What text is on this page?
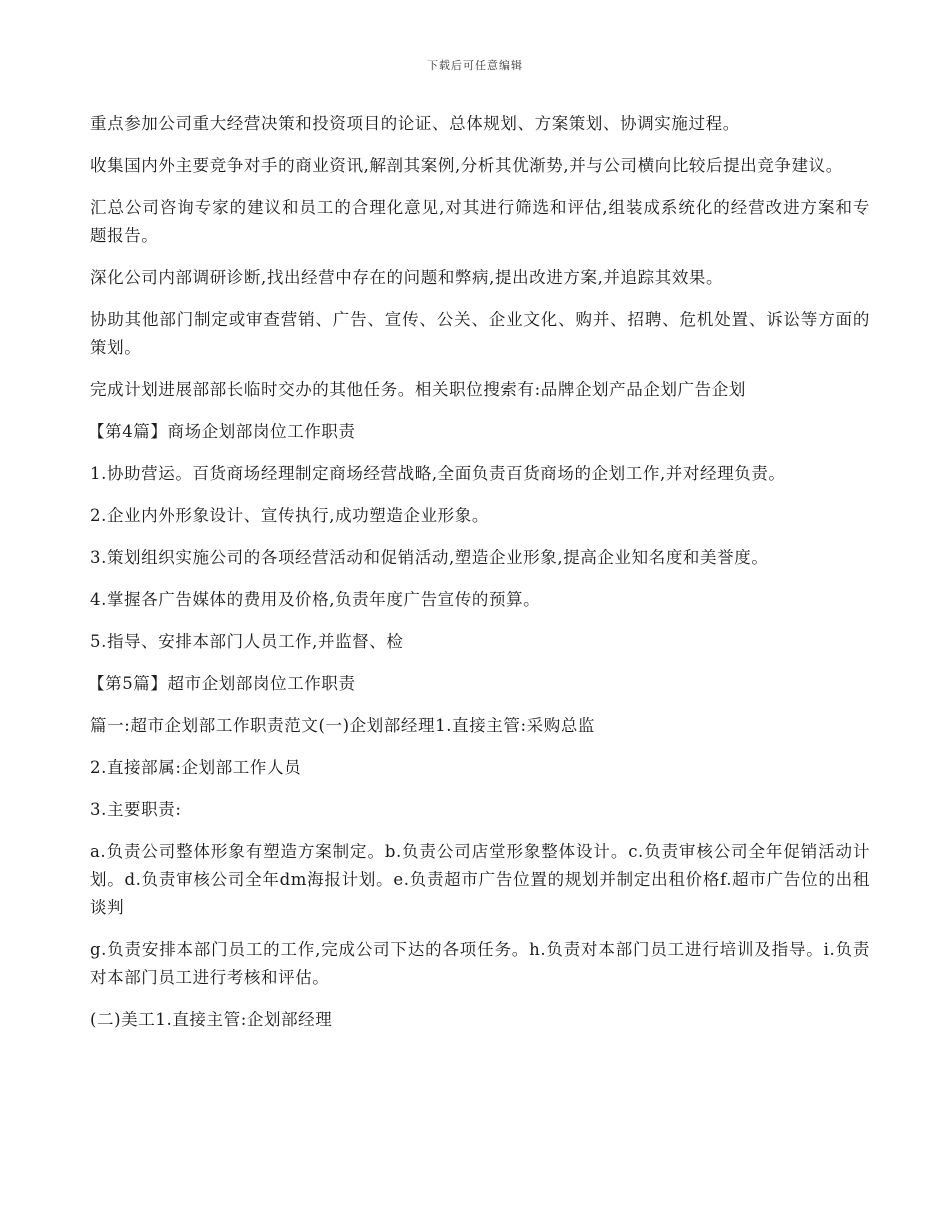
下载后可任意编辑

重点参加公司重大经营决策和投资项目的论证、总体规划、方案策划、协调实施过程。

收集国内外主要竞争对手的商业资讯,解剖其案例,分析其优渐势,并与公司横向比较后提出竞争建议。

汇总公司咨询专家的建议和员工的合理化意见,对其进行筛选和评估,组装成系统化的经营改进方案和专题报告。

深化公司内部调研诊断,找出经营中存在的问题和弊病,提出改进方案,并追踪其效果。

协助其他部门制定或审查营销、广告、宣传、公关、企业文化、购并、招聘、危机处置、诉讼等方面的策划。

完成计划进展部部长临时交办的其他任务。相关职位搜索有:品牌企划产品企划广告企划

【第4篇】商场企划部岗位工作职责

1.协助营运。百货商场经理制定商场经营战略,全面负责百货商场的企划工作,并对经理负责。

2.企业内外形象设计、宣传执行,成功塑造企业形象。

3.策划组织实施公司的各项经营活动和促销活动,塑造企业形象,提高企业知名度和美誉度。

4.掌握各广告媒体的费用及价格,负责年度广告宣传的预算。

5.指导、安排本部门人员工作,并监督、检

【第5篇】超市企划部岗位工作职责

篇一:超市企划部工作职责范文(一)企划部经理1.直接主管:采购总监

2.直接部属:企划部工作人员

3.主要职责:

a.负责公司整体形象有塑造方案制定。b.负责公司店堂形象整体设计。c.负责审核公司全年促销活动计划。d.负责审核公司全年dm海报计划。e.负责超市广告位置的规划并制定出租价格f.超市广告位的出租谈判

g.负责安排本部门员工的工作,完成公司下达的各项任务。h.负责对本部门员工进行培训及指导。i.负责对本部门员工进行考核和评估。

(二)美工1.直接主管:企划部经理
